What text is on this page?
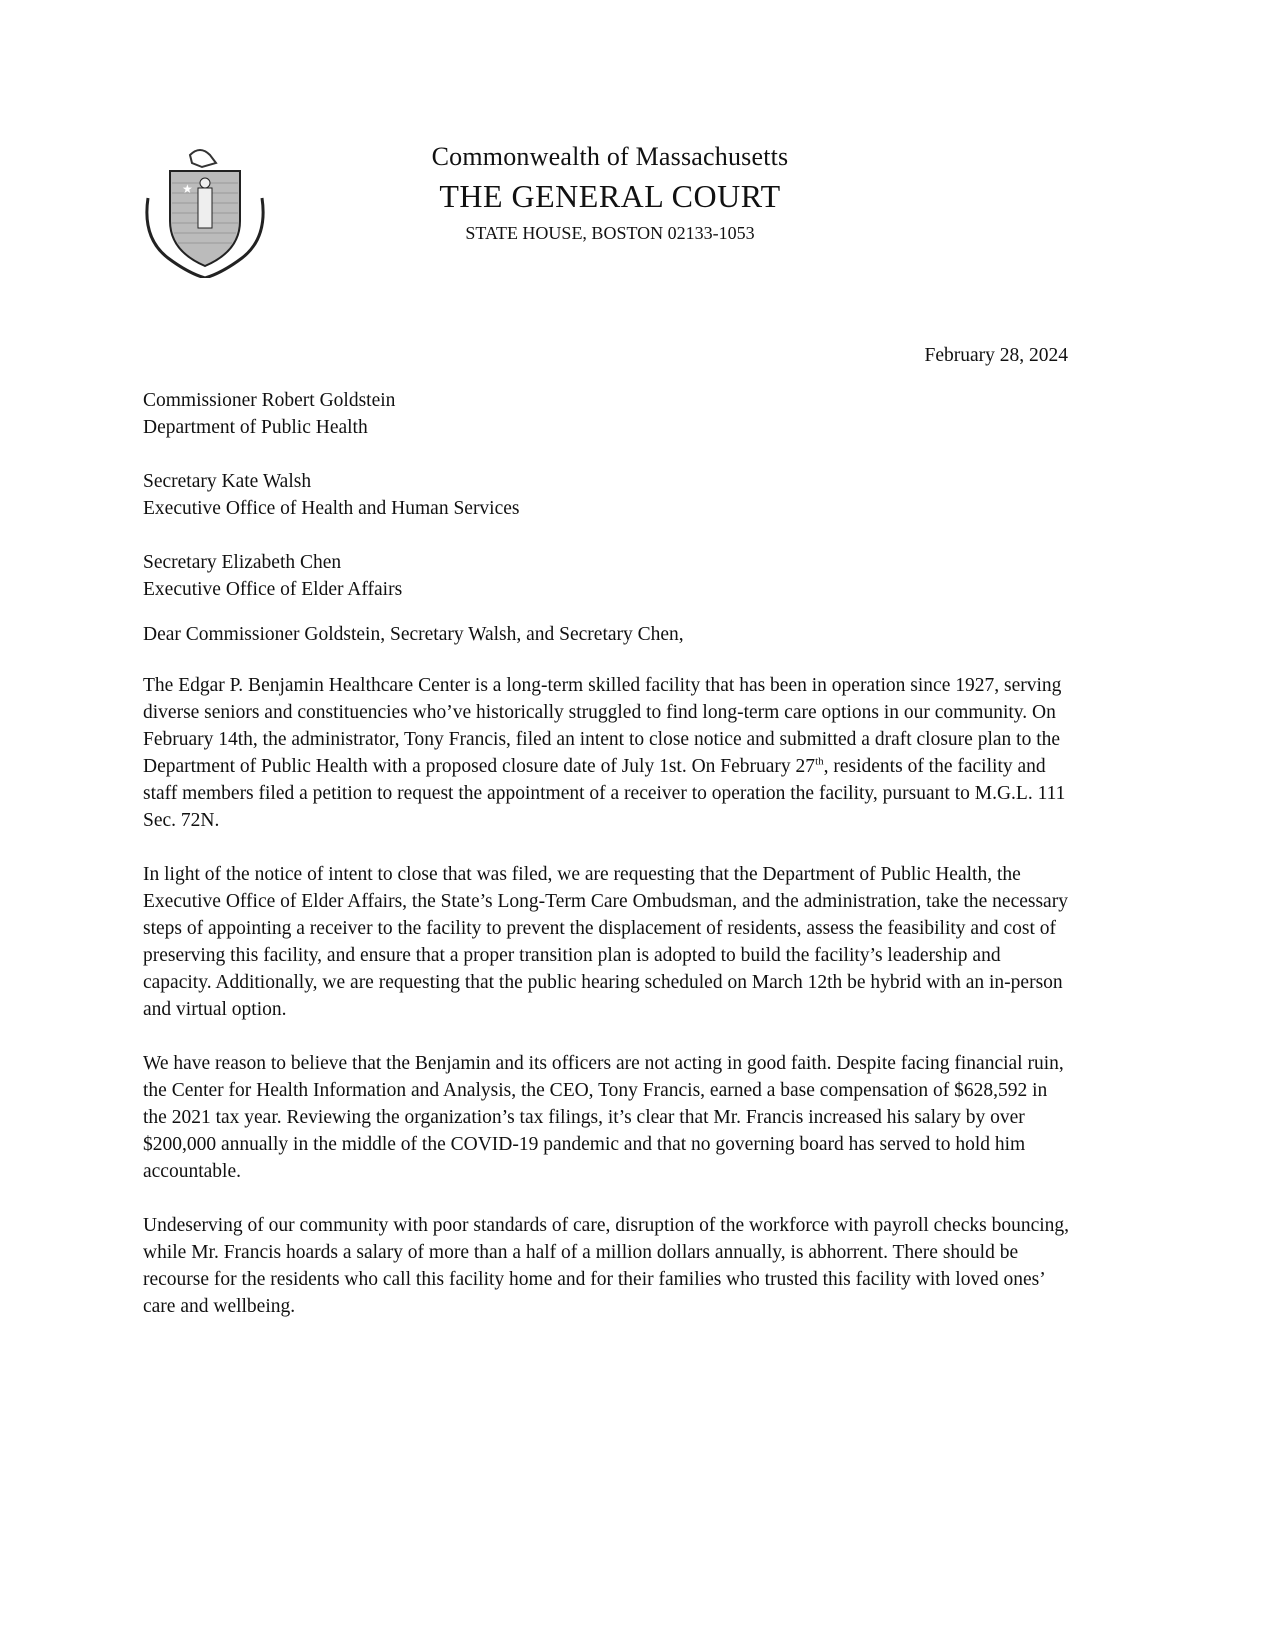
★
Commonwealth of Massachusetts
THE GENERAL COURT
STATE HOUSE, BOSTON 02133-1053
February 28, 2024

Commissioner Robert Goldstein
Department of Public Health

Secretary Kate Walsh
Executive Office of Health and Human Services

Secretary Elizabeth Chen
Executive Office of Elder Affairs

Dear Commissioner Goldstein, Secretary Walsh, and Secretary Chen,

The Edgar P. Benjamin Healthcare Center is a long-term skilled facility that has been in operation since 1927, serving diverse seniors and constituencies who’ve historically struggled to find long-term care options in our community. On February 14th, the administrator, Tony Francis, filed an intent to close notice and submitted a draft closure plan to the Department of Public Health with a proposed closure date of July 1st. On February 27th, residents of the facility and staff members filed a petition to request the appointment of a receiver to operation the facility, pursuant to M.G.L. 111 Sec. 72N.

In light of the notice of intent to close that was filed, we are requesting that the Department of Public Health, the Executive Office of Elder Affairs, the State’s Long-Term Care Ombudsman, and the administration, take the necessary steps of appointing a receiver to the facility to prevent the displacement of residents, assess the feasibility and cost of preserving this facility, and ensure that a proper transition plan is adopted to build the facility’s leadership and capacity. Additionally, we are requesting that the public hearing scheduled on March 12th be hybrid with an in-person and virtual option.

We have reason to believe that the Benjamin and its officers are not acting in good faith. Despite facing financial ruin, the Center for Health Information and Analysis, the CEO, Tony Francis, earned a base compensation of $628,592 in the 2021 tax year. Reviewing the organization’s tax filings, it’s clear that Mr. Francis increased his salary by over $200,000 annually in the middle of the COVID-19 pandemic and that no governing board has served to hold him accountable.

Undeserving of our community with poor standards of care, disruption of the workforce with payroll checks bouncing, while Mr. Francis hoards a salary of more than a half of a million dollars annually, is abhorrent. There should be recourse for the residents who call this facility home and for their families who trusted this facility with loved ones’ care and wellbeing.
